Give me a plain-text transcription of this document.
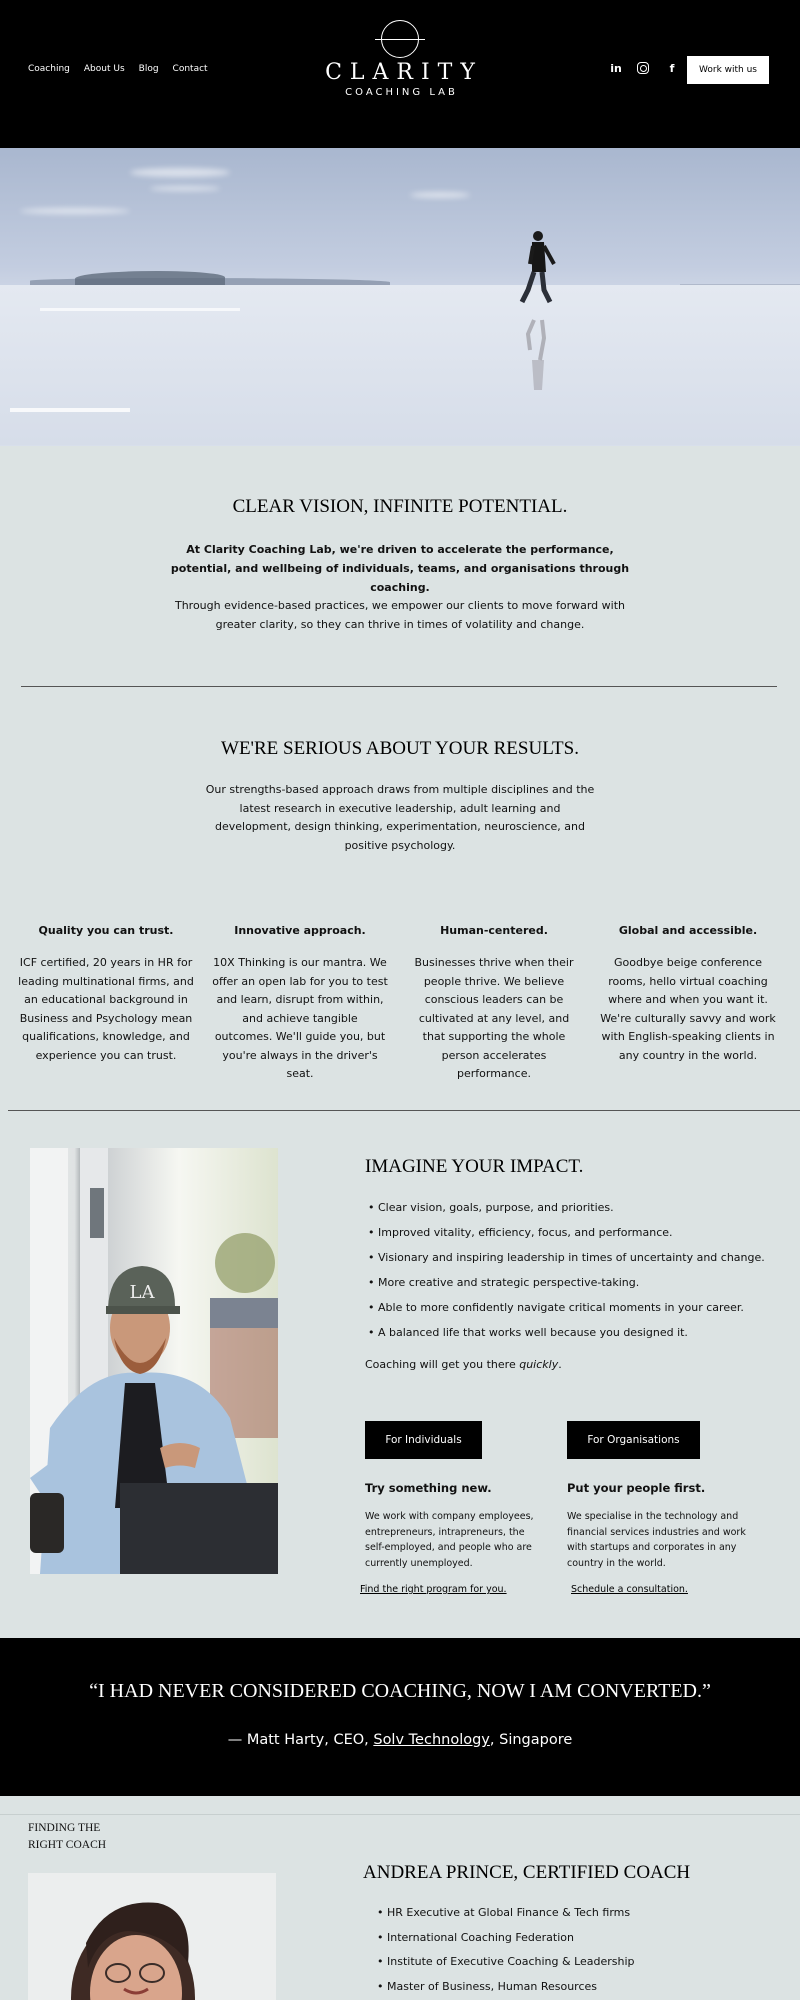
Coaching About Us Blog Contact	CLARITY
COACHING LAB
in	f	Work with us
CLEAR VISION, INFINITE POTENTIAL.

At Clarity Coaching Lab, we're driven to accelerate the performance, potential, and wellbeing of individuals, teams, and organisations through coaching.

Through evidence-based practices, we empower our clients to move forward with greater clarity, so they can thrive in times of volatility and change.

WE'RE SERIOUS ABOUT YOUR RESULTS.

Our strengths-based approach draws from multiple disciplines and the latest research in executive leadership, adult learning and development, design thinking, experimentation, neuroscience, and positive psychology.

Quality you can trust.
ICF certified, 20 years in HR for leading multinational firms, and an educational background in Business and Psychology mean qualifications, knowledge, and experience you can trust.
Innovative approach.
10X Thinking is our mantra. We offer an open lab for you to test and learn, disrupt from within, and achieve tangible outcomes. We'll guide you, but you're always in the driver's seat.
Human-centered.
Businesses thrive when their people thrive. We believe conscious leaders can be cultivated at any level, and that supporting the whole person accelerates performance.
Global and accessible.
Goodbye beige conference rooms, hello virtual coaching where and when you want it. We're culturally savvy and work with English-speaking clients in any country in the world.
LA
IMAGINE YOUR IMPACT.
• Clear vision, goals, purpose, and priorities.
• Improved vitality, efficiency, focus, and performance.
• Visionary and inspiring leadership in times of uncertainty and change.
• More creative and strategic perspective-taking.
• Able to more confidently navigate critical moments in your career.
• A balanced life that works well because you designed it.

Coaching will get you there quickly.

For Individuals	For Organisations
Try something new.
We work with company employees, entrepreneurs, intrapreneurs, the self-employed, and people who are currently unemployed.
Find the right program for you.
Put your people first.
We specialise in the technology and financial services industries and work with startups and corporates in any country in the world.
Schedule a consultation.

“I HAD NEVER CONSIDERED COACHING, NOW I AM CONVERTED.”

— Matt Harty, CEO, Solv Technology, Singapore

FINDING THE
RIGHT COACH
ANDREA PRINCE, CERTIFIED COACH
• HR Executive at Global Finance & Tech firms
• International Coaching Federation
• Institute of Executive Coaching & Leadership
• Master of Business, Human Resources
